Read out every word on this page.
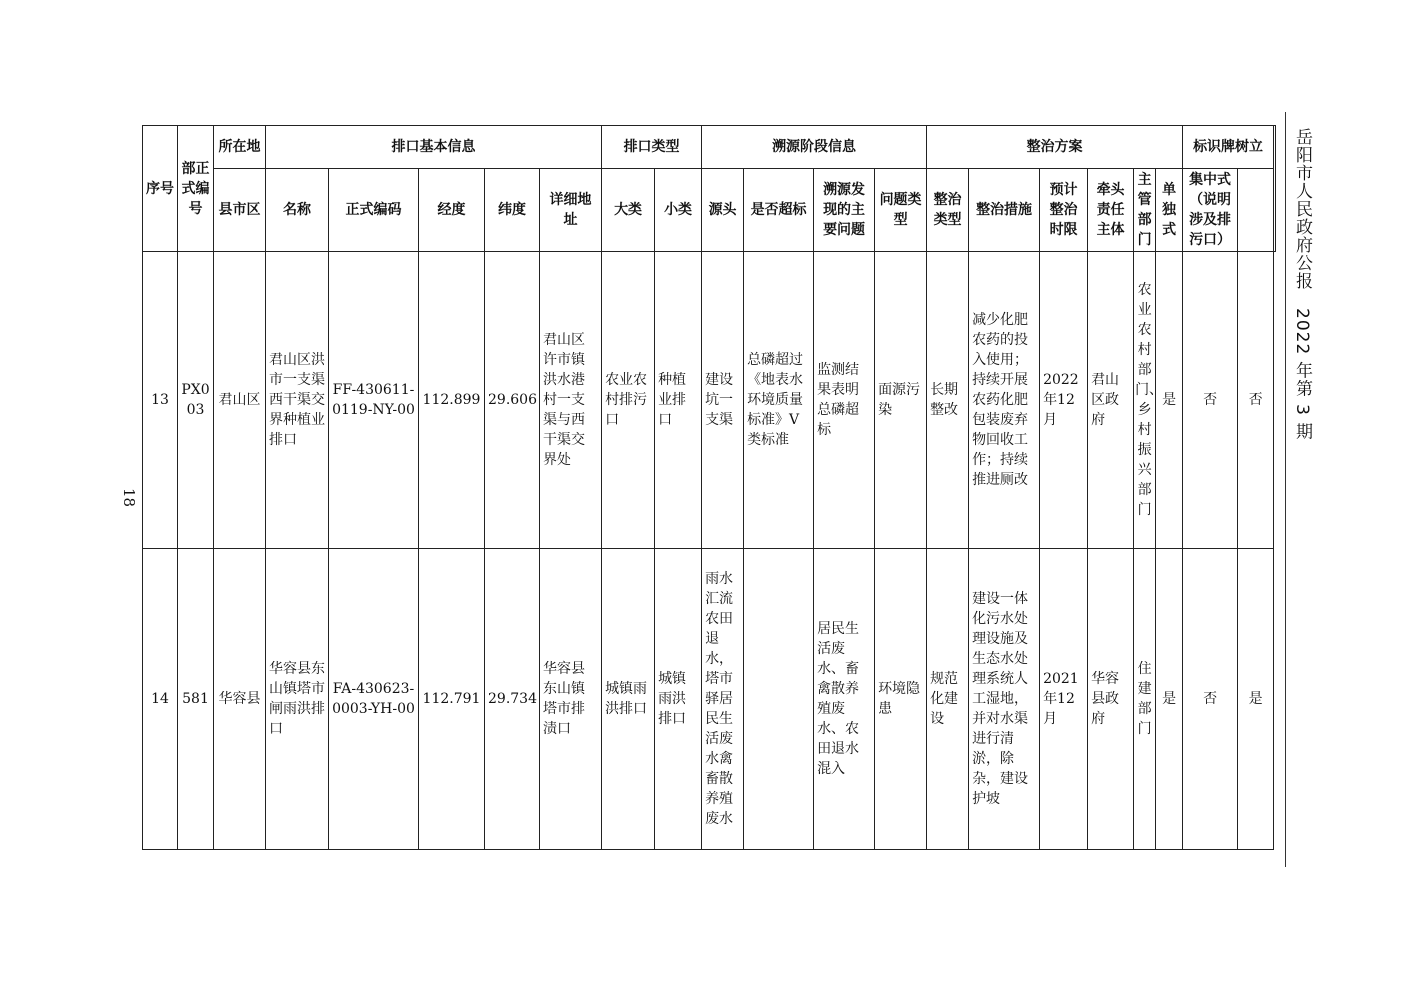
岳阳市人民政府公报　2022 年第 3 期
18
序号	部正式编号	所在地	排口基本信息					排口类型		溯源阶段信息				整治方案						标识牌树立	
		县市区	名称	正式编码	经度	纬度	详细地址	大类	小类	源头	是否超标	溯源发现的主要问题	问题类型	整治类型	整治措施	预计整治时限	牵头责任主体	主管部门	单独式	集中式（说明涉及排污口）		
13	PX003	君山区	君山区洪市一支渠西干渠交界种植业排口	FF-430611-0119-NY-00	112.899	29.606	君山区许市镇洪水港村一支渠与西干渠交界处	农业农村排污口	种植业排口	建设坑一支渠	总磷超过《地表水环境质量标准》V类标准	监测结果表明总磷超标	面源污染	长期整改	减少化肥农药的投入使用；持续开展农药化肥包装废弃物回收工作；持续推进厕改	2022年12月	君山区政府	农业农村部门、乡村振兴部门	是	否	否	
14	581	华容县	华容县东山镇塔市闸雨洪排口	FA-430623-0003-YH-00	112.791	29.734	华容县东山镇塔市排渍口	城镇雨洪排口	城镇雨洪排口	雨水汇流农田退水，塔市驿居民生活废水禽畜散养殖废水		居民生活废水、畜禽散养殖废水、农田退水混入	环境隐患	规范化建设	建设一体化污水处理设施及生态水处理系统人工湿地，并对水渠进行清淤，除杂，建设护坡	2021年12月	华容县政府	住建部门	是	否	是	
